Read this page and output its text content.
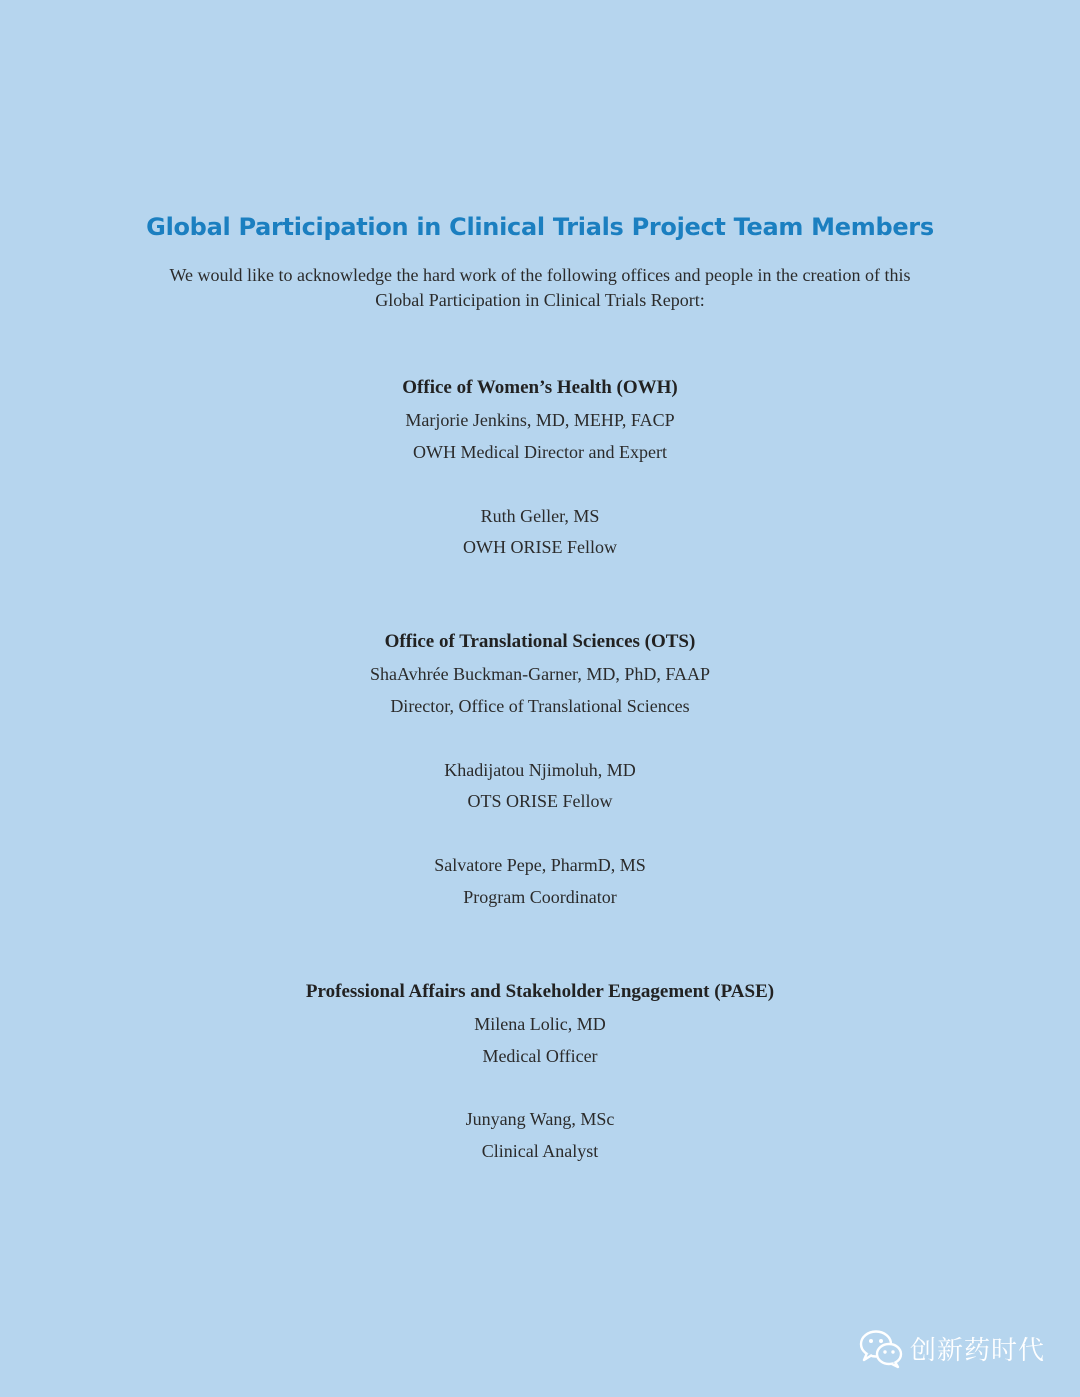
Global Participation in Clinical Trials Project Team Members
We would like to acknowledge the hard work of the following offices and people in the creation of this
Global Participation in Clinical Trials Report:
Office of Women’s Health (OWH)
Marjorie Jenkins, MD, MEHP, FACP
OWH Medical Director and Expert
Ruth Geller, MS
OWH ORISE Fellow
Office of Translational Sciences (OTS)
ShaAvhrée Buckman-Garner, MD, PhD, FAAP
Director, Office of Translational Sciences
Khadijatou Njimoluh, MD
OTS ORISE Fellow
Salvatore Pepe, PharmD, MS
Program Coordinator
Professional Affairs and Stakeholder Engagement (PASE)
Milena Lolic, MD
Medical Officer
Junyang Wang, MSc
Clinical Analyst
创新药时代
